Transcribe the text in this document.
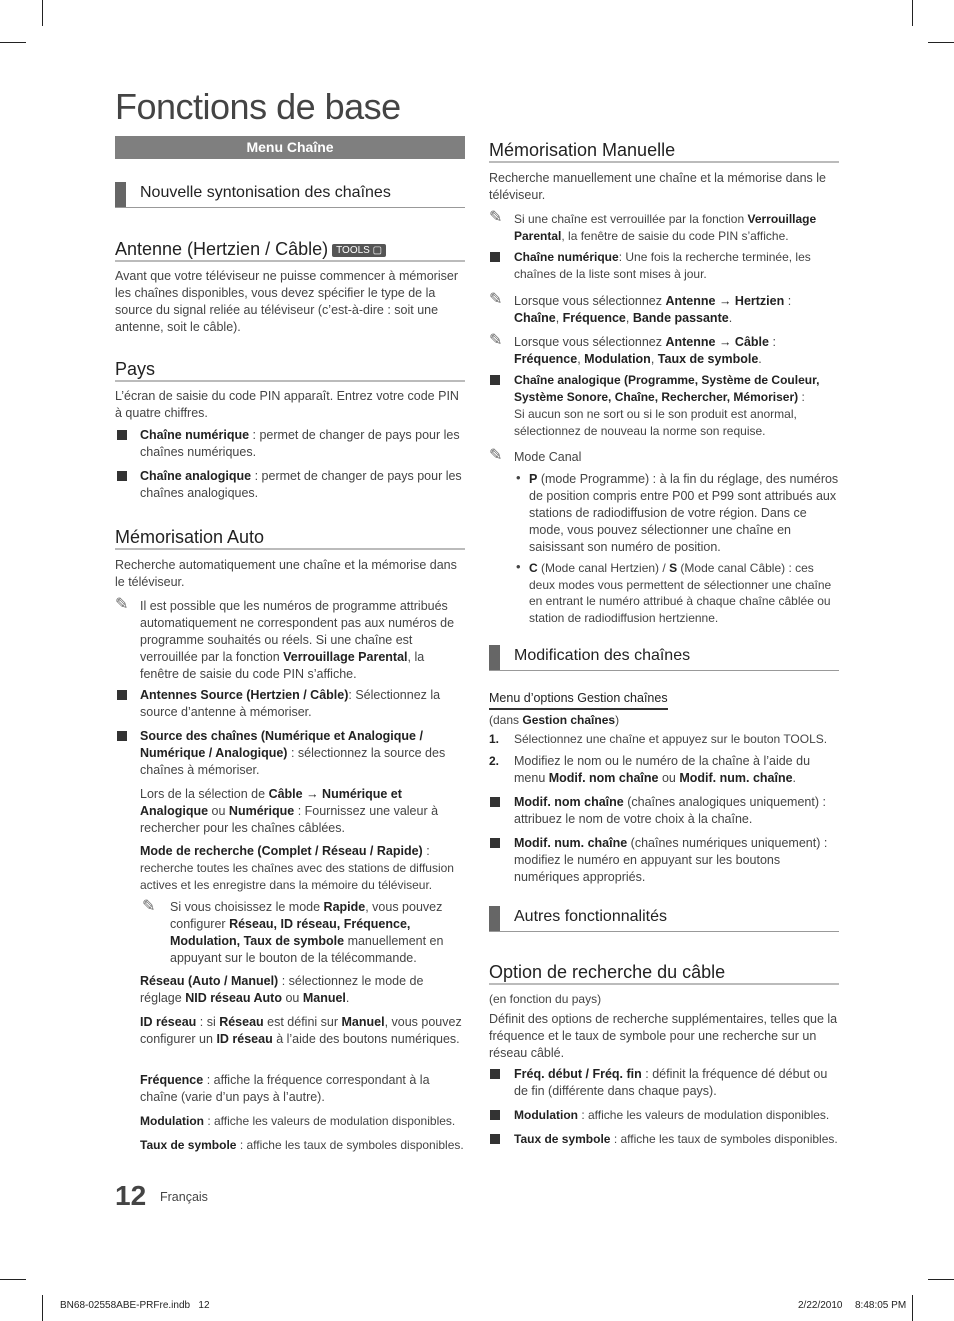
Fonctions de base
Menu Chaîne
Nouvelle syntonisation des chaînes
Antenne (Hertzien / Câble) TOOLS ▢
Avant que votre téléviseur ne puisse commencer à mémoriser les chaînes disponibles, vous devez spécifier le type de la source du signal reliée au téléviseur (c’est-à-dire : soit une antenne, soit le câble).
Pays
L’écran de saisie du code PIN apparaît. Entrez votre code PIN à quatre chiffres.
Chaîne numérique : permet de changer de pays pour les chaînes numériques.
Chaîne analogique : permet de changer de pays pour les chaînes analogiques.
Mémorisation Auto
Recherche automatiquement une chaîne et la mémorise dans le téléviseur.
✎ Il est possible que les numéros de programme attribués automatiquement ne correspondent pas aux numéros de programme souhaités ou réels. Si une chaîne est verrouillée par la fonction Verrouillage Parental, la fenêtre de saisie du code PIN s’affiche.
Antennes Source (Hertzien / Câble): Sélectionnez la source d’antenne à mémoriser.
Source des chaînes (Numérique et Analogique / Numérique / Analogique) : sélectionnez la source des chaînes à mémoriser.
Lors de la sélection de Câble → Numérique et Analogique ou Numérique : Fournissez une valeur à rechercher pour les chaînes câblées.
Mode de recherche (Complet / Réseau / Rapide) :
recherche toutes les chaînes avec des stations de diffusion actives et les enregistre dans la mémoire du téléviseur.
✎ Si vous choisissez le mode Rapide, vous pouvez configurer Réseau, ID réseau, Fréquence, Modulation, Taux de symbole manuellement en appuyant sur le bouton de la télécommande.
Réseau (Auto / Manuel) : sélectionnez le mode de réglage NID réseau Auto ou Manuel.
ID réseau : si Réseau est défini sur Manuel, vous pouvez configurer un ID réseau à l’aide des boutons numériques.
Fréquence : affiche la fréquence correspondant à la chaîne (varie d’un pays à l’autre).
Modulation : affiche les valeurs de modulation disponibles.
Taux de symbole : affiche les taux de symboles disponibles.
Mémorisation Manuelle
Recherche manuellement une chaîne et la mémorise dans le téléviseur.
✎ Si une chaîne est verrouillée par la fonction Verrouillage Parental, la fenêtre de saisie du code PIN s’affiche.
Chaîne numérique: Une fois la recherche terminée, les chaînes de la liste sont mises à jour.
✎ Lorsque vous sélectionnez Antenne → Hertzien : Chaîne, Fréquence, Bande passante.
✎ Lorsque vous sélectionnez Antenne → Câble : Fréquence, Modulation, Taux de symbole.
Chaîne analogique (Programme, Système de Couleur, Système Sonore, Chaîne, Rechercher, Mémoriser) :
Si aucun son ne sort ou si le son produit est anormal, sélectionnez de nouveau la norme son requise.
✎ Mode Canal
• P (mode Programme) : à la fin du réglage, des numéros de position compris entre P00 et P99 sont attribués aux stations de radiodiffusion de votre région. Dans ce mode, vous pouvez sélectionner une chaîne en saisissant son numéro de position.
• C (Mode canal Hertzien) / S (Mode canal Câble) : ces deux modes vous permettent de sélectionner une chaîne en entrant le numéro attribué à chaque chaîne câblée ou station de radiodiffusion hertzienne.
Modification des chaînes
Menu d’options Gestion chaînes
(dans Gestion chaînes)
1. Sélectionnez une chaîne et appuyez sur le bouton TOOLS.
2. Modifiez le nom ou le numéro de la chaîne à l’aide du menu Modif. nom chaîne ou Modif. num. chaîne.
Modif. nom chaîne (chaînes analogiques uniquement) : attribuez le nom de votre choix à la chaîne.
Modif. num. chaîne (chaînes numériques uniquement) : modifiez le numéro en appuyant sur les boutons numériques appropriés.
Autres fonctionnalités
Option de recherche du câble
(en fonction du pays)
Définit des options de recherche supplémentaires, telles que la fréquence et le taux de symbole pour une recherche sur un réseau câblé.
Fréq. début / Fréq. fin : définit la fréquence dé début ou de fin (différente dans chaque pays).
Modulation : affiche les valeurs de modulation disponibles.
Taux de symbole : affiche les taux de symboles disponibles.
12 Français
BN68-02558ABE-PRFre.indb   12	2/22/2010 8:48:05 PM
